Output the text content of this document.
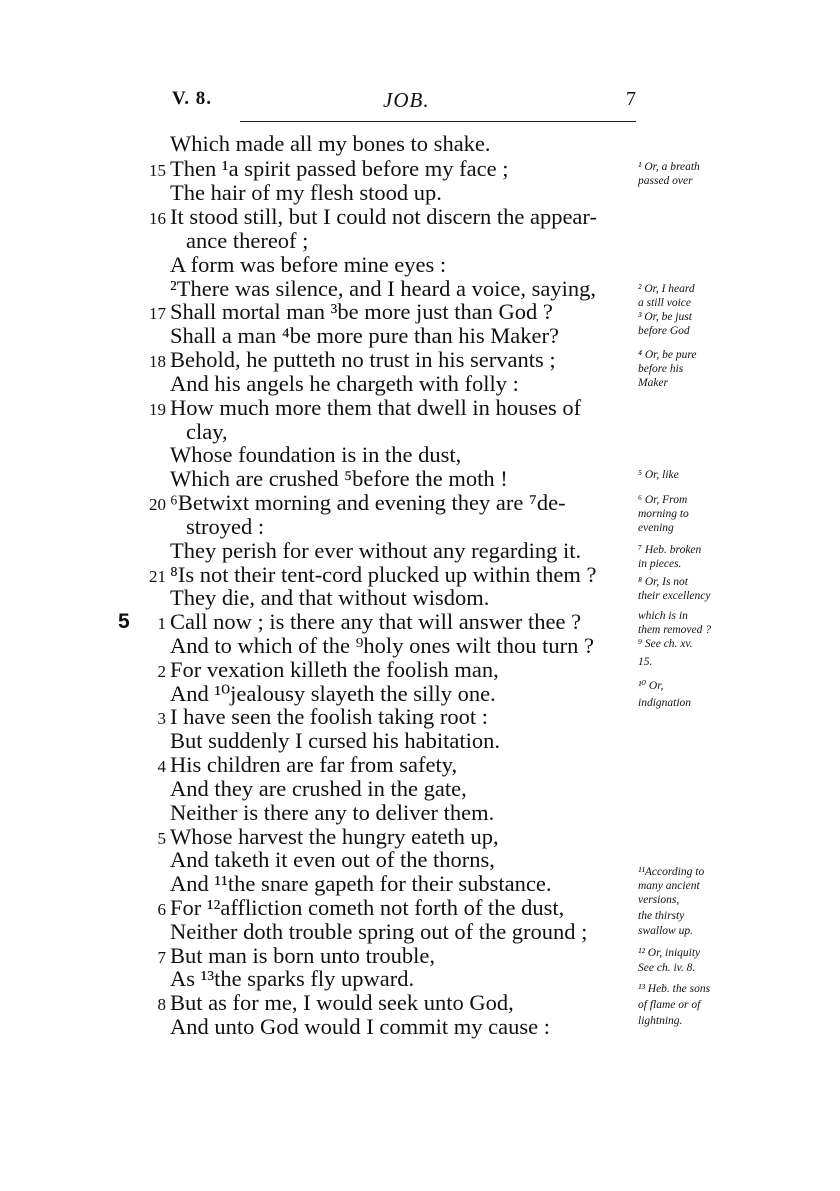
V. 8.	JOB.	7
5
Which made all my bones to shake.
15 Then ¹a spirit passed before my face ;
The hair of my flesh stood up.
16 It stood still, but I could not discern the appear-
ance thereof ;
A form was before mine eyes :
²There was silence, and I heard a voice, saying,
17 Shall mortal man ³be more just than God ?
Shall a man ⁴be more pure than his Maker?
18 Behold, he putteth no trust in his servants ;
And his angels he chargeth with folly :
19 How much more them that dwell in houses of
clay,
Whose foundation is in the dust,
Which are crushed ⁵before the moth !
20 ⁶Betwixt morning and evening they are ⁷de-
stroyed :
They perish for ever without any regarding it.
21 ⁸Is not their tent-cord plucked up within them ?
They die, and that without wisdom.
1 Call now ; is there any that will answer thee ?
And to which of the ⁹holy ones wilt thou turn ?
2 For vexation killeth the foolish man,
And ¹⁰jealousy slayeth the silly one.
3 I have seen the foolish taking root :
But suddenly I cursed his habitation.
4 His children are far from safety,
And they are crushed in the gate,
Neither is there any to deliver them.
5 Whose harvest the hungry eateth up,
And taketh it even out of the thorns,
And ¹¹the snare gapeth for their substance.
6 For ¹²affliction cometh not forth of the dust,
Neither doth trouble spring out of the ground ;
7 But man is born unto trouble,
As ¹³the sparks fly upward.
8 But as for me, I would seek unto God,
And unto God would I commit my cause :
¹ Or, a breath
passed over
² Or, I heard
a still voice
³ Or, be just
before God
⁴ Or, be pure
before his
Maker
⁵ Or, like
⁶ Or, From
morning to
evening
⁷ Heb. broken
in pieces.
⁸ Or, Is not
their excellency
which is in
them removed ?
⁹ See ch. xv.
15.
¹⁰ Or,
indignation
¹¹According to
many ancient
versions,
the thirsty
swallow up.
¹² Or, iniquity
See ch. iv. 8.
¹³ Heb. the sons
of flame or of
lightning.
